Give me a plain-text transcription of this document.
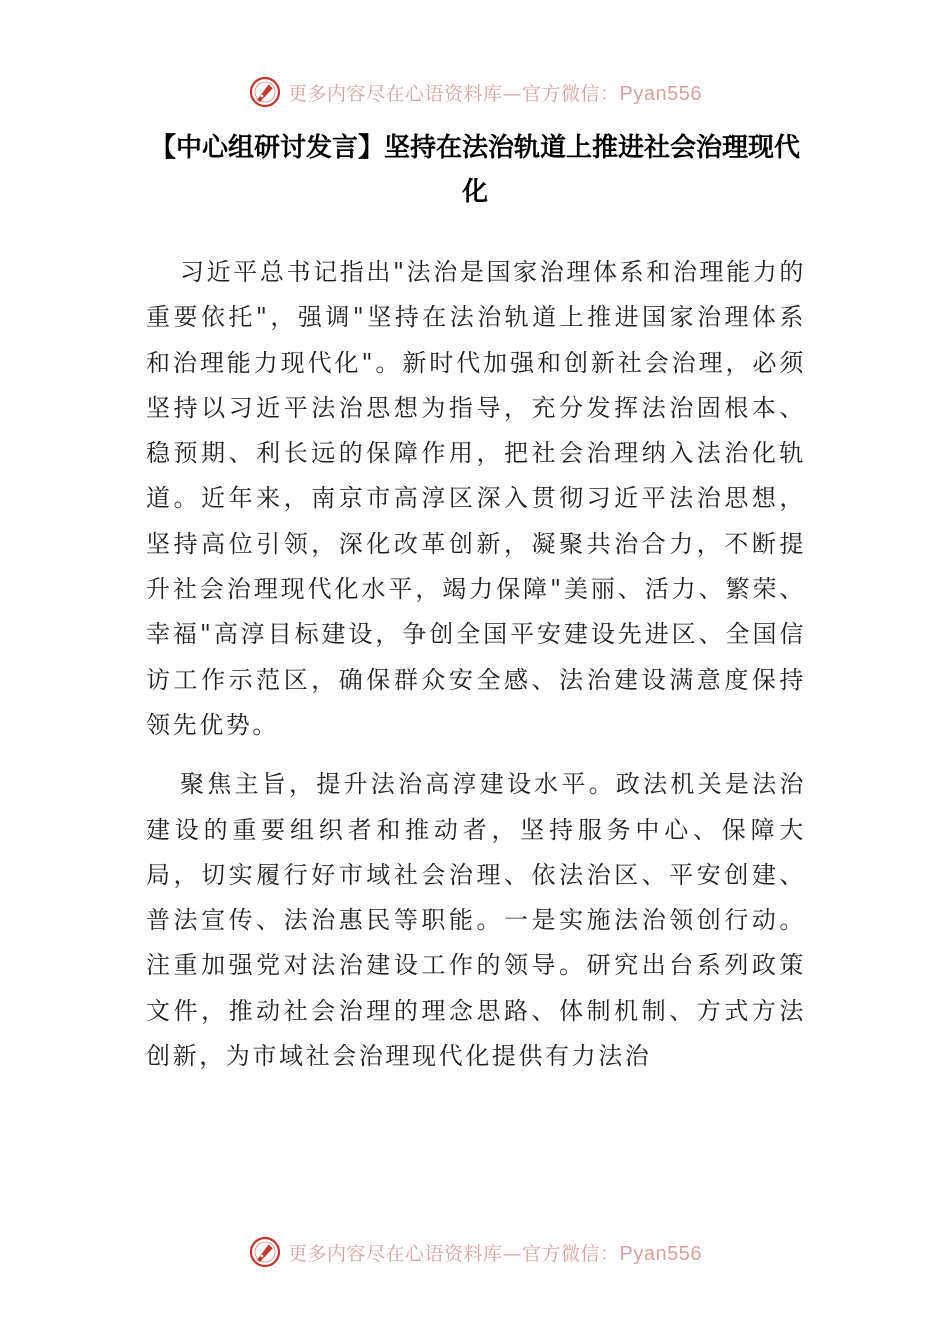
更多内容尽在心语资料库—官方微信：Pyan556
【中心组研讨发言】坚持在法治轨道上推进社会治理现代化

习近平总书记指出"法治是国家治理体系和治理能力的重要依托"，强调"坚持在法治轨道上推进国家治理体系和治理能力现代化"。新时代加强和创新社会治理，必须坚持以习近平法治思想为指导，充分发挥法治固根本、稳预期、利长远的保障作用，把社会治理纳入法治化轨道。近年来，南京市高淳区深入贯彻习近平法治思想，坚持高位引领，深化改革创新，凝聚共治合力，不断提升社会治理现代化水平，竭力保障"美丽、活力、繁荣、幸福"高淳目标建设，争创全国平安建设先进区、全国信访工作示范区，确保群众安全感、法治建设满意度保持领先优势。

聚焦主旨，提升法治高淳建设水平。政法机关是法治建设的重要组织者和推动者，坚持服务中心、保障大局，切实履行好市域社会治理、依法治区、平安创建、普法宣传、法治惠民等职能。一是实施法治领创行动。注重加强党对法治建设工作的领导。研究出台系列政策文件，推动社会治理的理念思路、体制机制、方式方法创新，为市域社会治理现代化提供有力法治

更多内容尽在心语资料库—官方微信：Pyan556
